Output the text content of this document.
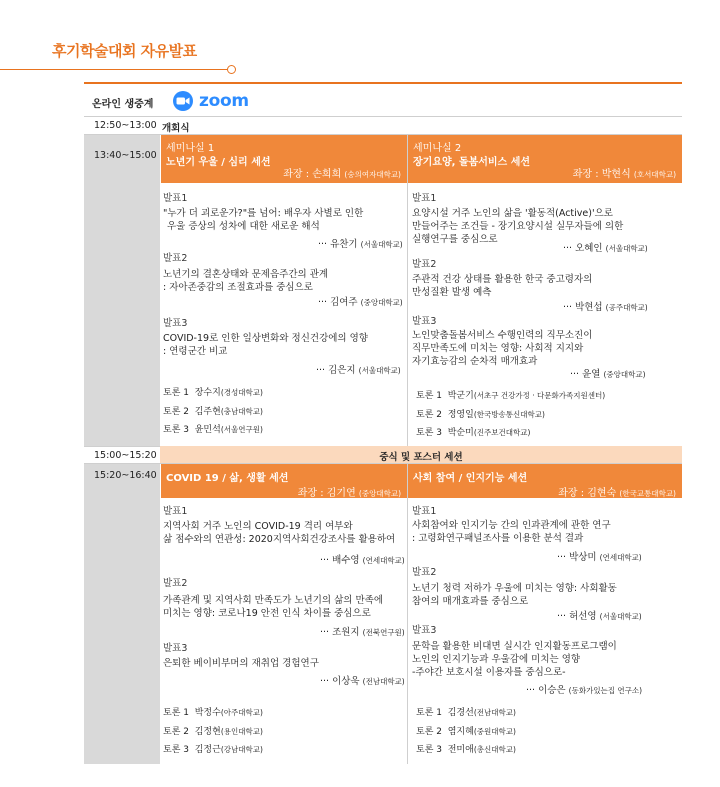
후기학술대회 자유발표
온라인 생중계	zoom
12:50~13:00 개회식
13:40~15:00
15:00~15:20
15:20~16:40
세미나실 1
노년기 우울 / 심리 세션
좌장 : 손희희 (숭의여자대학교)
세미나실 2
장기요양, 돌봄서비스 세션
좌장 : 박현식 (호서대학교)
발표1
"누가 더 괴로운가?"를 넘어: 배우자 사별로 인한
우울 증상의 성차에 대한 새로운 해석
··· 유찬기 (서울대학교)
발표2
노년기의 결혼상태와 문제음주간의 관계
: 자아존중감의 조절효과를 중심으로
··· 김여주 (중앙대학교)
발표3
COVID-19로 인한 일상변화와 정신건강에의 영향
: 연령군간 비교
··· 김은지 (서울대학교)
토론 1 장수지(경성대학교)
토론 2 김주현(충남대학교)
토론 3 윤민석(서울연구원)
발표1
요양시설 거주 노인의 삶을 '활동적(Active)'으로
만들어주는 조건들 - 장기요양시설 실무자들에 의한
실행연구를 중심으로
··· 오혜인 (서울대학교)
발표2
주관적 건강 상태를 활용한 한국 중고령자의
만성질환 발생 예측
··· 박현섭 (공주대학교)
발표3
노인맞춤돌봄서비스 수행인력의 직무소진이
직무만족도에 미치는 영향: 사회적 지지와
자기효능감의 순차적 매개효과
··· 윤열 (중앙대학교)
토론 1 박군기(서초구 건강가정 · 다문화가족지원센터)
토론 2 정영일(한국방송통신대학교)
토론 3 박순미(진주보건대학교)
중식 및 포스터 세션
COVID 19 / 삶, 생활 세션
좌장 : 김기연 (중앙대학교)
사회 참여 / 인지기능 세션
좌장 : 김현숙 (한국교통대학교)
발표1
지역사회 거주 노인의 COVID-19 격리 여부와
삶 점수와의 연관성: 2020지역사회건강조사를 활용하여
··· 배수영 (연세대학교)
발표2
가족관계 및 지역사회 만족도가 노년기의 삶의 만족에
미치는 영향: 코로나19 안전 인식 차이를 중심으로
··· 조원지 (전북연구원)
발표3
은퇴한 베이비부머의 재취업 경험연구
··· 이상욱 (전남대학교)
토론 1 박정수(아주대학교)
토론 2 김정현(용인대학교)
토론 3 김정근(강남대학교)
발표1
사회참여와 인지기능 간의 인과관계에 관한 연구
: 고령화연구패널조사를 이용한 분석 결과
··· 박상미 (연세대학교)
발표2
노년기 청력 저하가 우울에 미치는 영향: 사회활동
참여의 매개효과를 중심으로
··· 허선영 (서울대학교)
발표3
문학을 활용한 비대면 실시간 인지활동프로그램이
노인의 인지기능과 우울감에 미치는 영향
-주야간 보호시설 이용자를 중심으로-
··· 이승은 (동화가있는집 연구소)
토론 1 김경선(전남대학교)
토론 2 염지혜(중원대학교)
토론 3 전미애(총신대학교)
